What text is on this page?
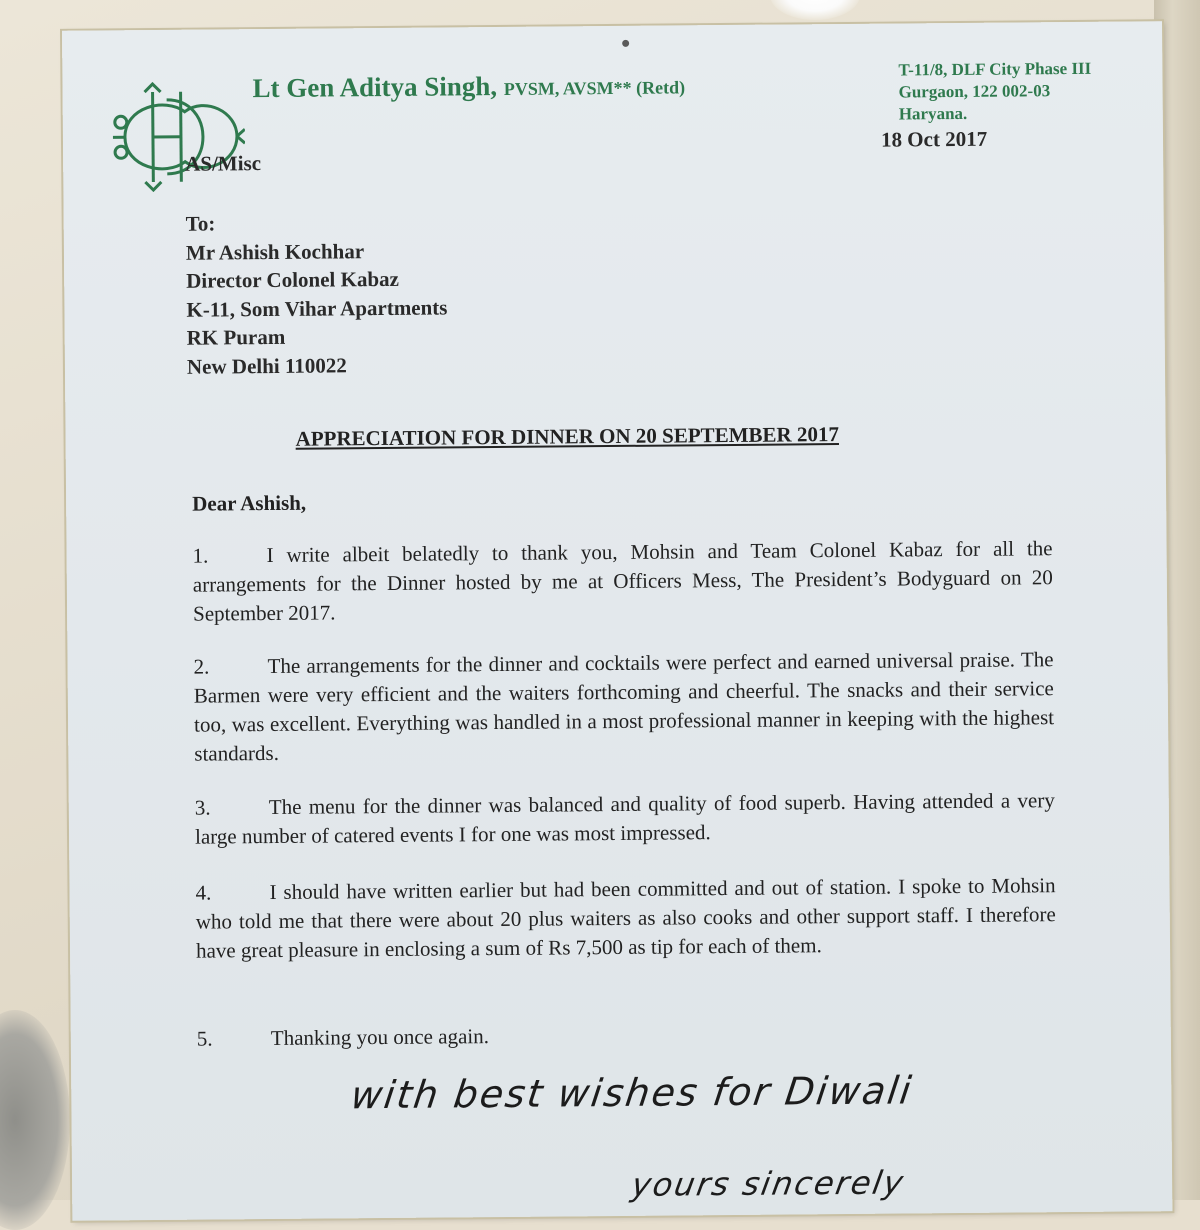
Lt Gen Aditya Singh, PVSM, AVSM** (Retd)
AS/Misc
T-11/8, DLF City Phase III
Gurgaon, 122 002-03
Haryana.
18 Oct 2017
To:
Mr Ashish Kochhar
Director Colonel Kabaz
K-11, Som Vihar Apartments
RK Puram
New Delhi 110022
APPRECIATION FOR DINNER ON 20 SEPTEMBER 2017
Dear Ashish,
1.	I write albeit belatedly to thank you, Mohsin and Team Colonel Kabaz for all the arrangements for the Dinner hosted by me at Officers Mess, The President’s Bodyguard on 20 September 2017.
2.	The arrangements for the dinner and cocktails were perfect and earned universal praise. The Barmen were very efficient and the waiters forthcoming and cheerful. The snacks and their service too, was excellent. Everything was handled in a most professional manner in keeping with the highest standards.
3.	The menu for the dinner was balanced and quality of food superb. Having attended a very large number of catered events I for one was most impressed.
4.	I should have written earlier but had been committed and out of station. I spoke to Mohsin who told me that there were about 20 plus waiters as also cooks and other support staff. I therefore have great pleasure in enclosing a sum of Rs 7,500 as tip for each of them.
5.	Thanking you once again.
with best wishes for Diwali
yours sincerely
